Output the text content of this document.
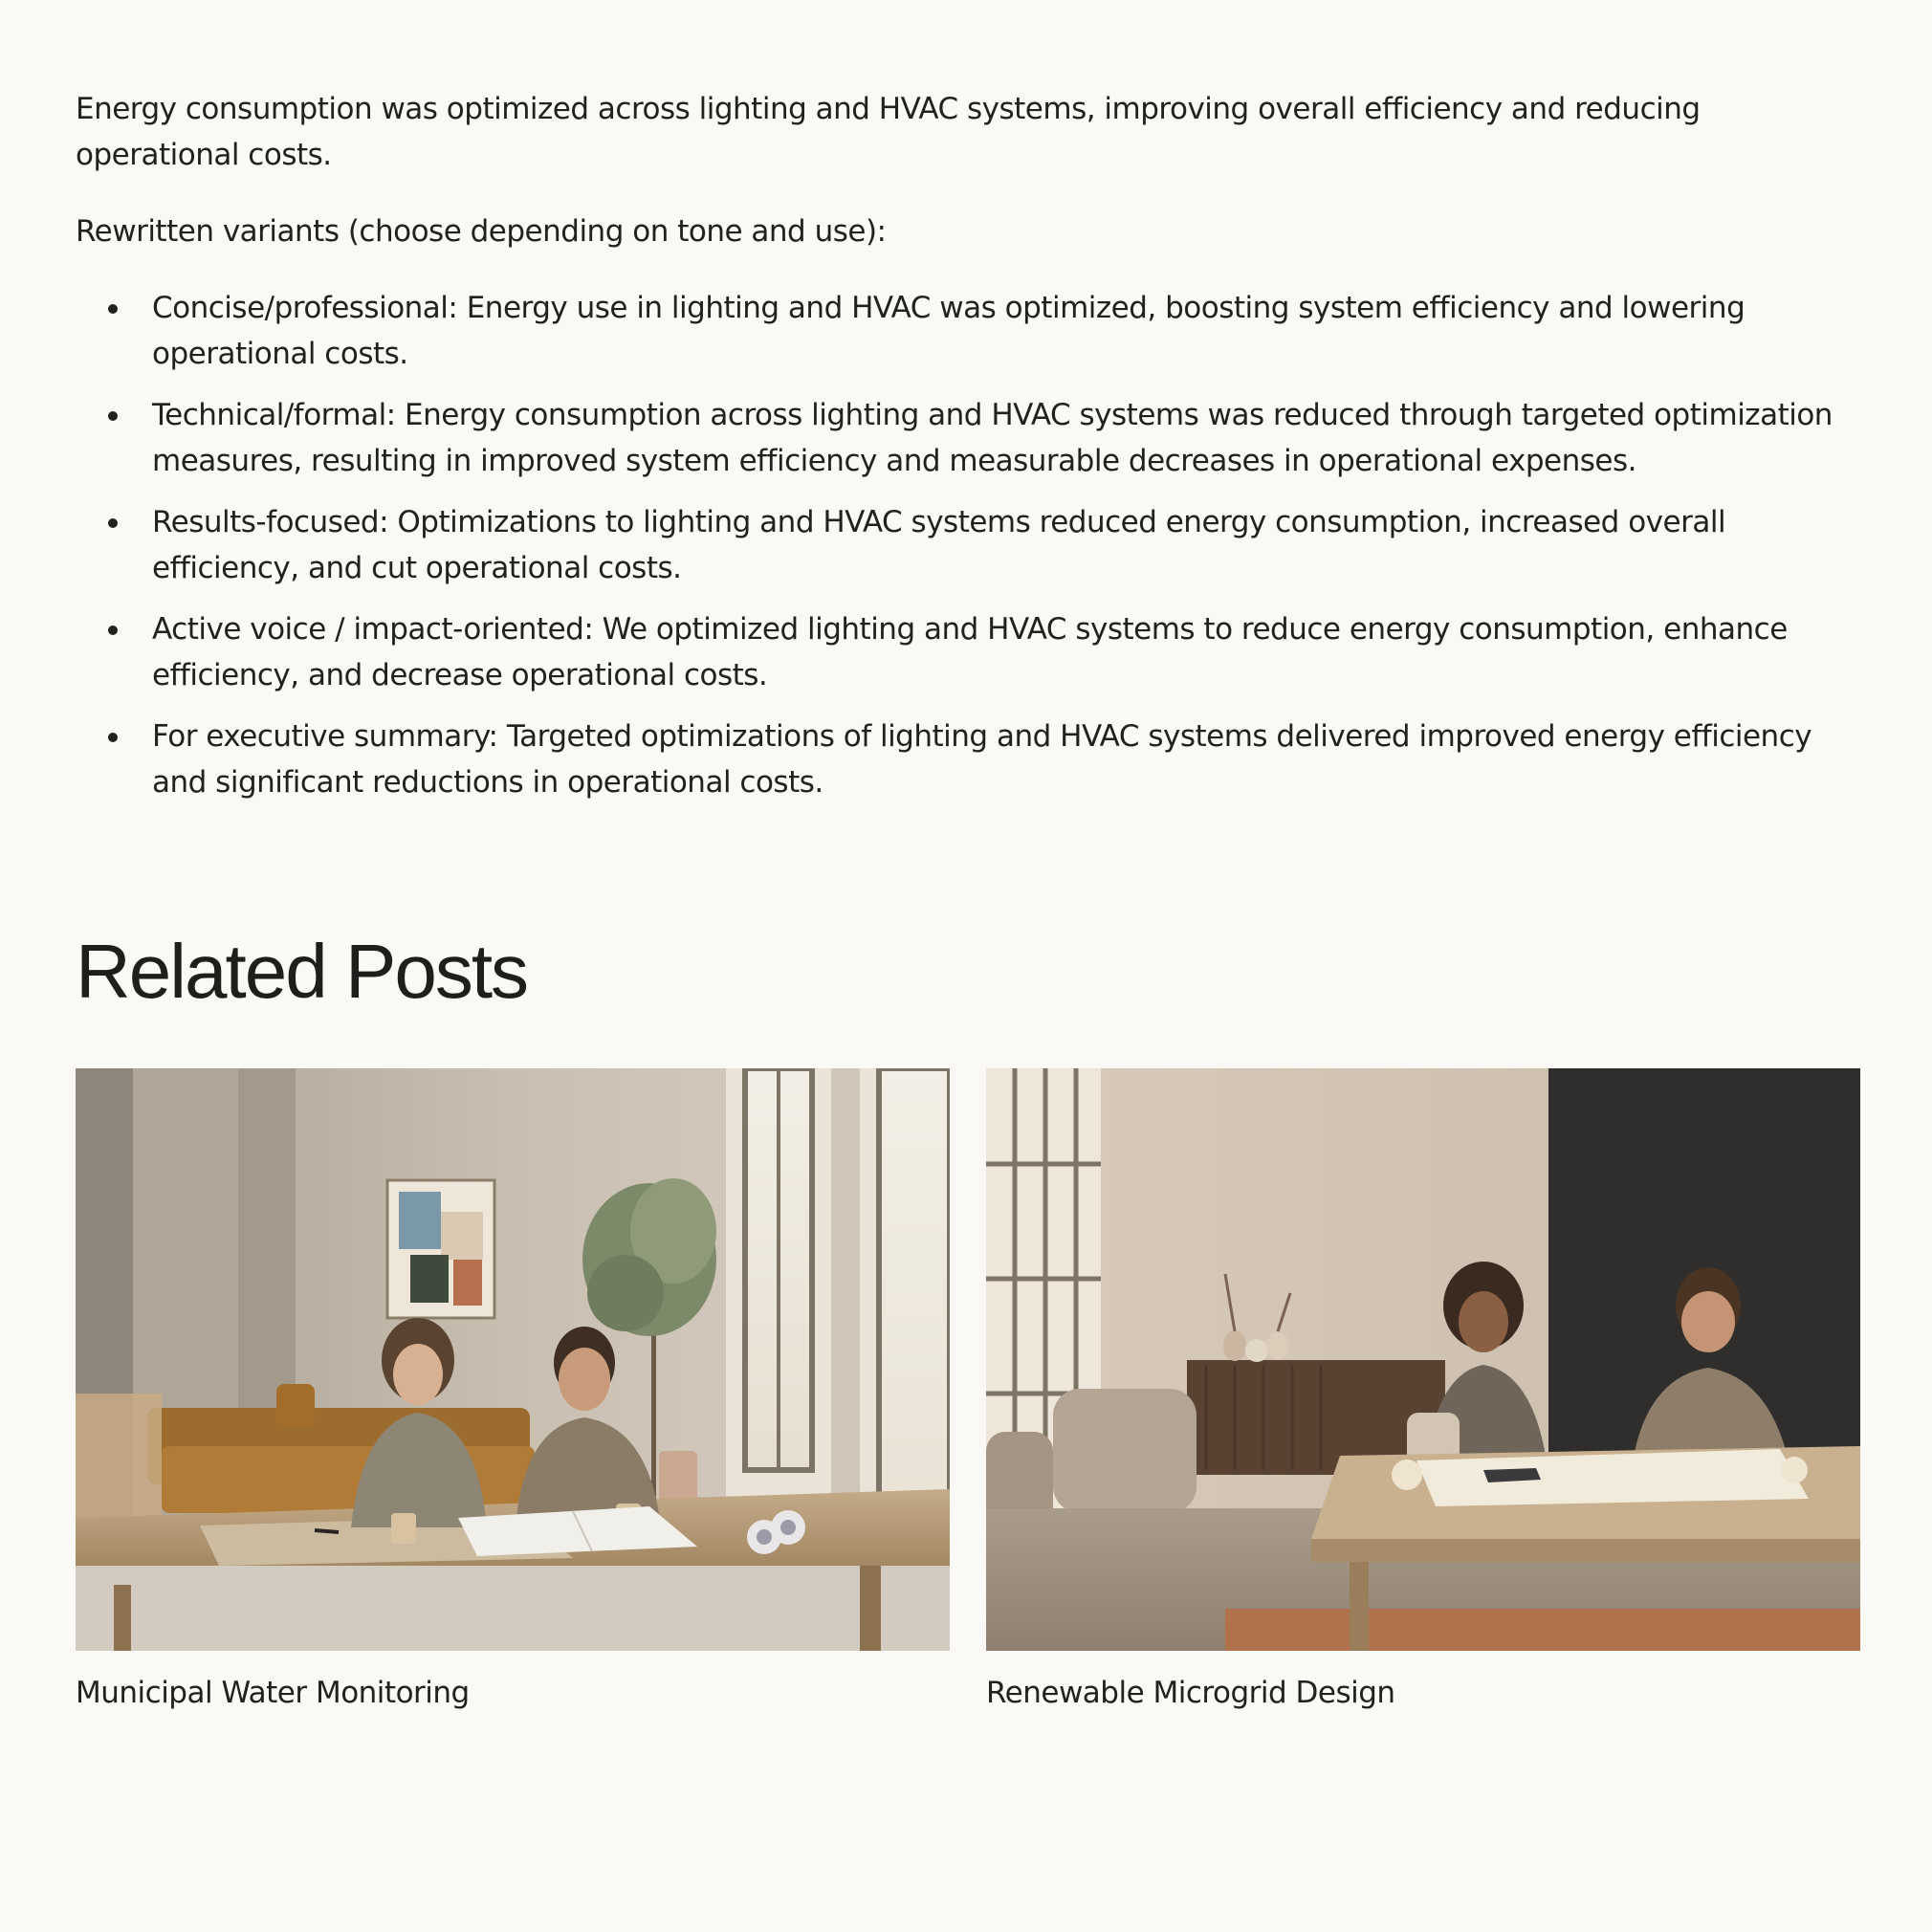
Energy consumption was optimized across lighting and HVAC systems, improving overall efficiency and reducing operational costs.

Rewritten variants (choose depending on tone and use):

Concise/professional: Energy use in lighting and HVAC was optimized, boosting system efficiency and lowering operational costs.
Technical/formal: Energy consumption across lighting and HVAC systems was reduced through targeted optimization measures, resulting in improved system efficiency and measurable decreases in operational expenses.
Results-focused: Optimizations to lighting and HVAC systems reduced energy consumption, increased overall efficiency, and cut operational costs.
Active voice / impact-oriented: We optimized lighting and HVAC systems to reduce energy consumption, enhance efficiency, and decrease operational costs.
For executive summary: Targeted optimizations of lighting and HVAC systems delivered improved energy efficiency and significant reductions in operational costs.
Related Posts
Municipal Water Monitoring	Renewable Microgrid Design
